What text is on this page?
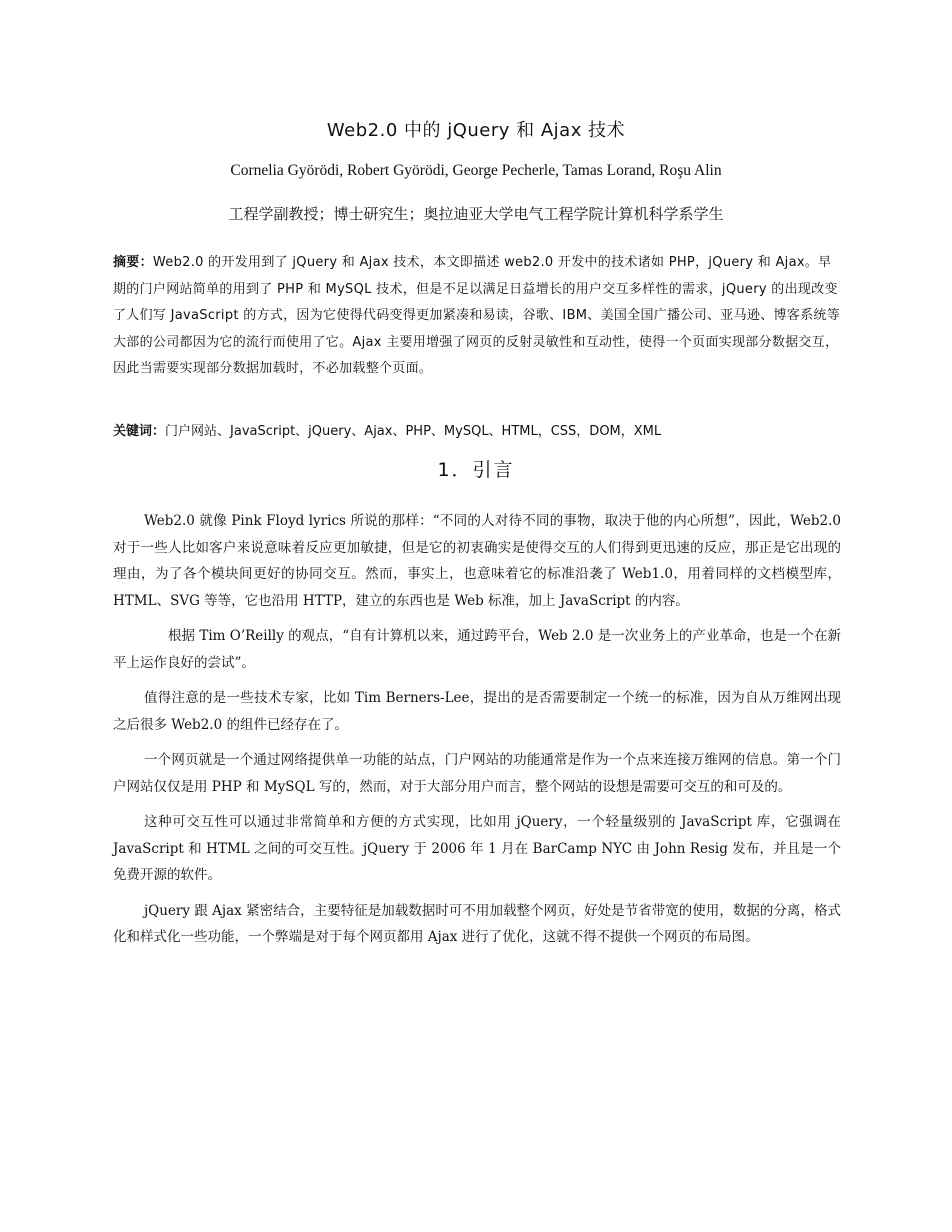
Web2.0 中的 jQuery 和 Ajax 技术
Cornelia Györödi, Robert Györödi, George Pecherle, Tamas Lorand, Roşu Alin
工程学副教授；博士研究生；奥拉迪亚大学电气工程学院计算机科学系学生
摘要：Web2.0 的开发用到了 jQuery 和 Ajax 技术，本文即描述 web2.0 开发中的技术诸如 PHP，jQuery 和 Ajax。早期的门户网站简单的用到了 PHP 和 MySQL 技术，但是不足以满足日益增长的用户交互多样性的需求，jQuery 的出现改变了人们写 JavaScript 的方式，因为它使得代码变得更加紧凑和易读，谷歌、IBM、美国全国广播公司、亚马逊、博客系统等大部的公司都因为它的流行而使用了它。Ajax 主要用增强了网页的反射灵敏性和互动性，使得一个页面实现部分数据交互，因此当需要实现部分数据加载时，不必加载整个页面。
关键词：门户网站、JavaScript、jQuery、Ajax、PHP、MySQL、HTML，CSS，DOM，XML
1．引言

Web2.0 就像 Pink Floyd lyrics 所说的那样：“不同的人对待不同的事物，取决于他的内心所想”，因此，Web2.0 对于一些人比如客户来说意味着反应更加敏捷，但是它的初衷确实是使得交互的人们得到更迅速的反应，那正是它出现的理由，为了各个模块间更好的协同交互。然而，事实上，也意味着它的标准沿袭了 Web1.0，用着同样的文档模型库，HTML、SVG 等等，它也沿用 HTTP，建立的东西也是 Web 标准，加上 JavaScript 的内容。

根据 Tim O’Reilly 的观点，“自有计算机以来，通过跨平台，Web 2.0 是一次业务上的产业革命，也是一个在新平上运作良好的尝试”。

值得注意的是一些技术专家，比如 Tim Berners-Lee，提出的是否需要制定一个统一的标准，因为自从万维网出现之后很多 Web2.0 的组件已经存在了。

一个网页就是一个通过网络提供单一功能的站点，门户网站的功能通常是作为一个点来连接万维网的信息。第一个门户网站仅仅是用 PHP 和 MySQL 写的，然而，对于大部分用户而言，整个网站的设想是需要可交互的和可及的。

这种可交互性可以通过非常简单和方便的方式实现，比如用 jQuery，一个轻量级别的 JavaScript 库，它强调在 JavaScript 和 HTML 之间的可交互性。jQuery 于 2006 年 1 月在 BarCamp NYC 由 John Resig 发布，并且是一个免费开源的软件。

jQuery 跟 Ajax 紧密结合，主要特征是加载数据时可不用加载整个网页，好处是节省带宽的使用，数据的分离，格式化和样式化一些功能，一个弊端是对于每个网页都用 Ajax 进行了优化，这就不得不提供一个网页的布局图。
